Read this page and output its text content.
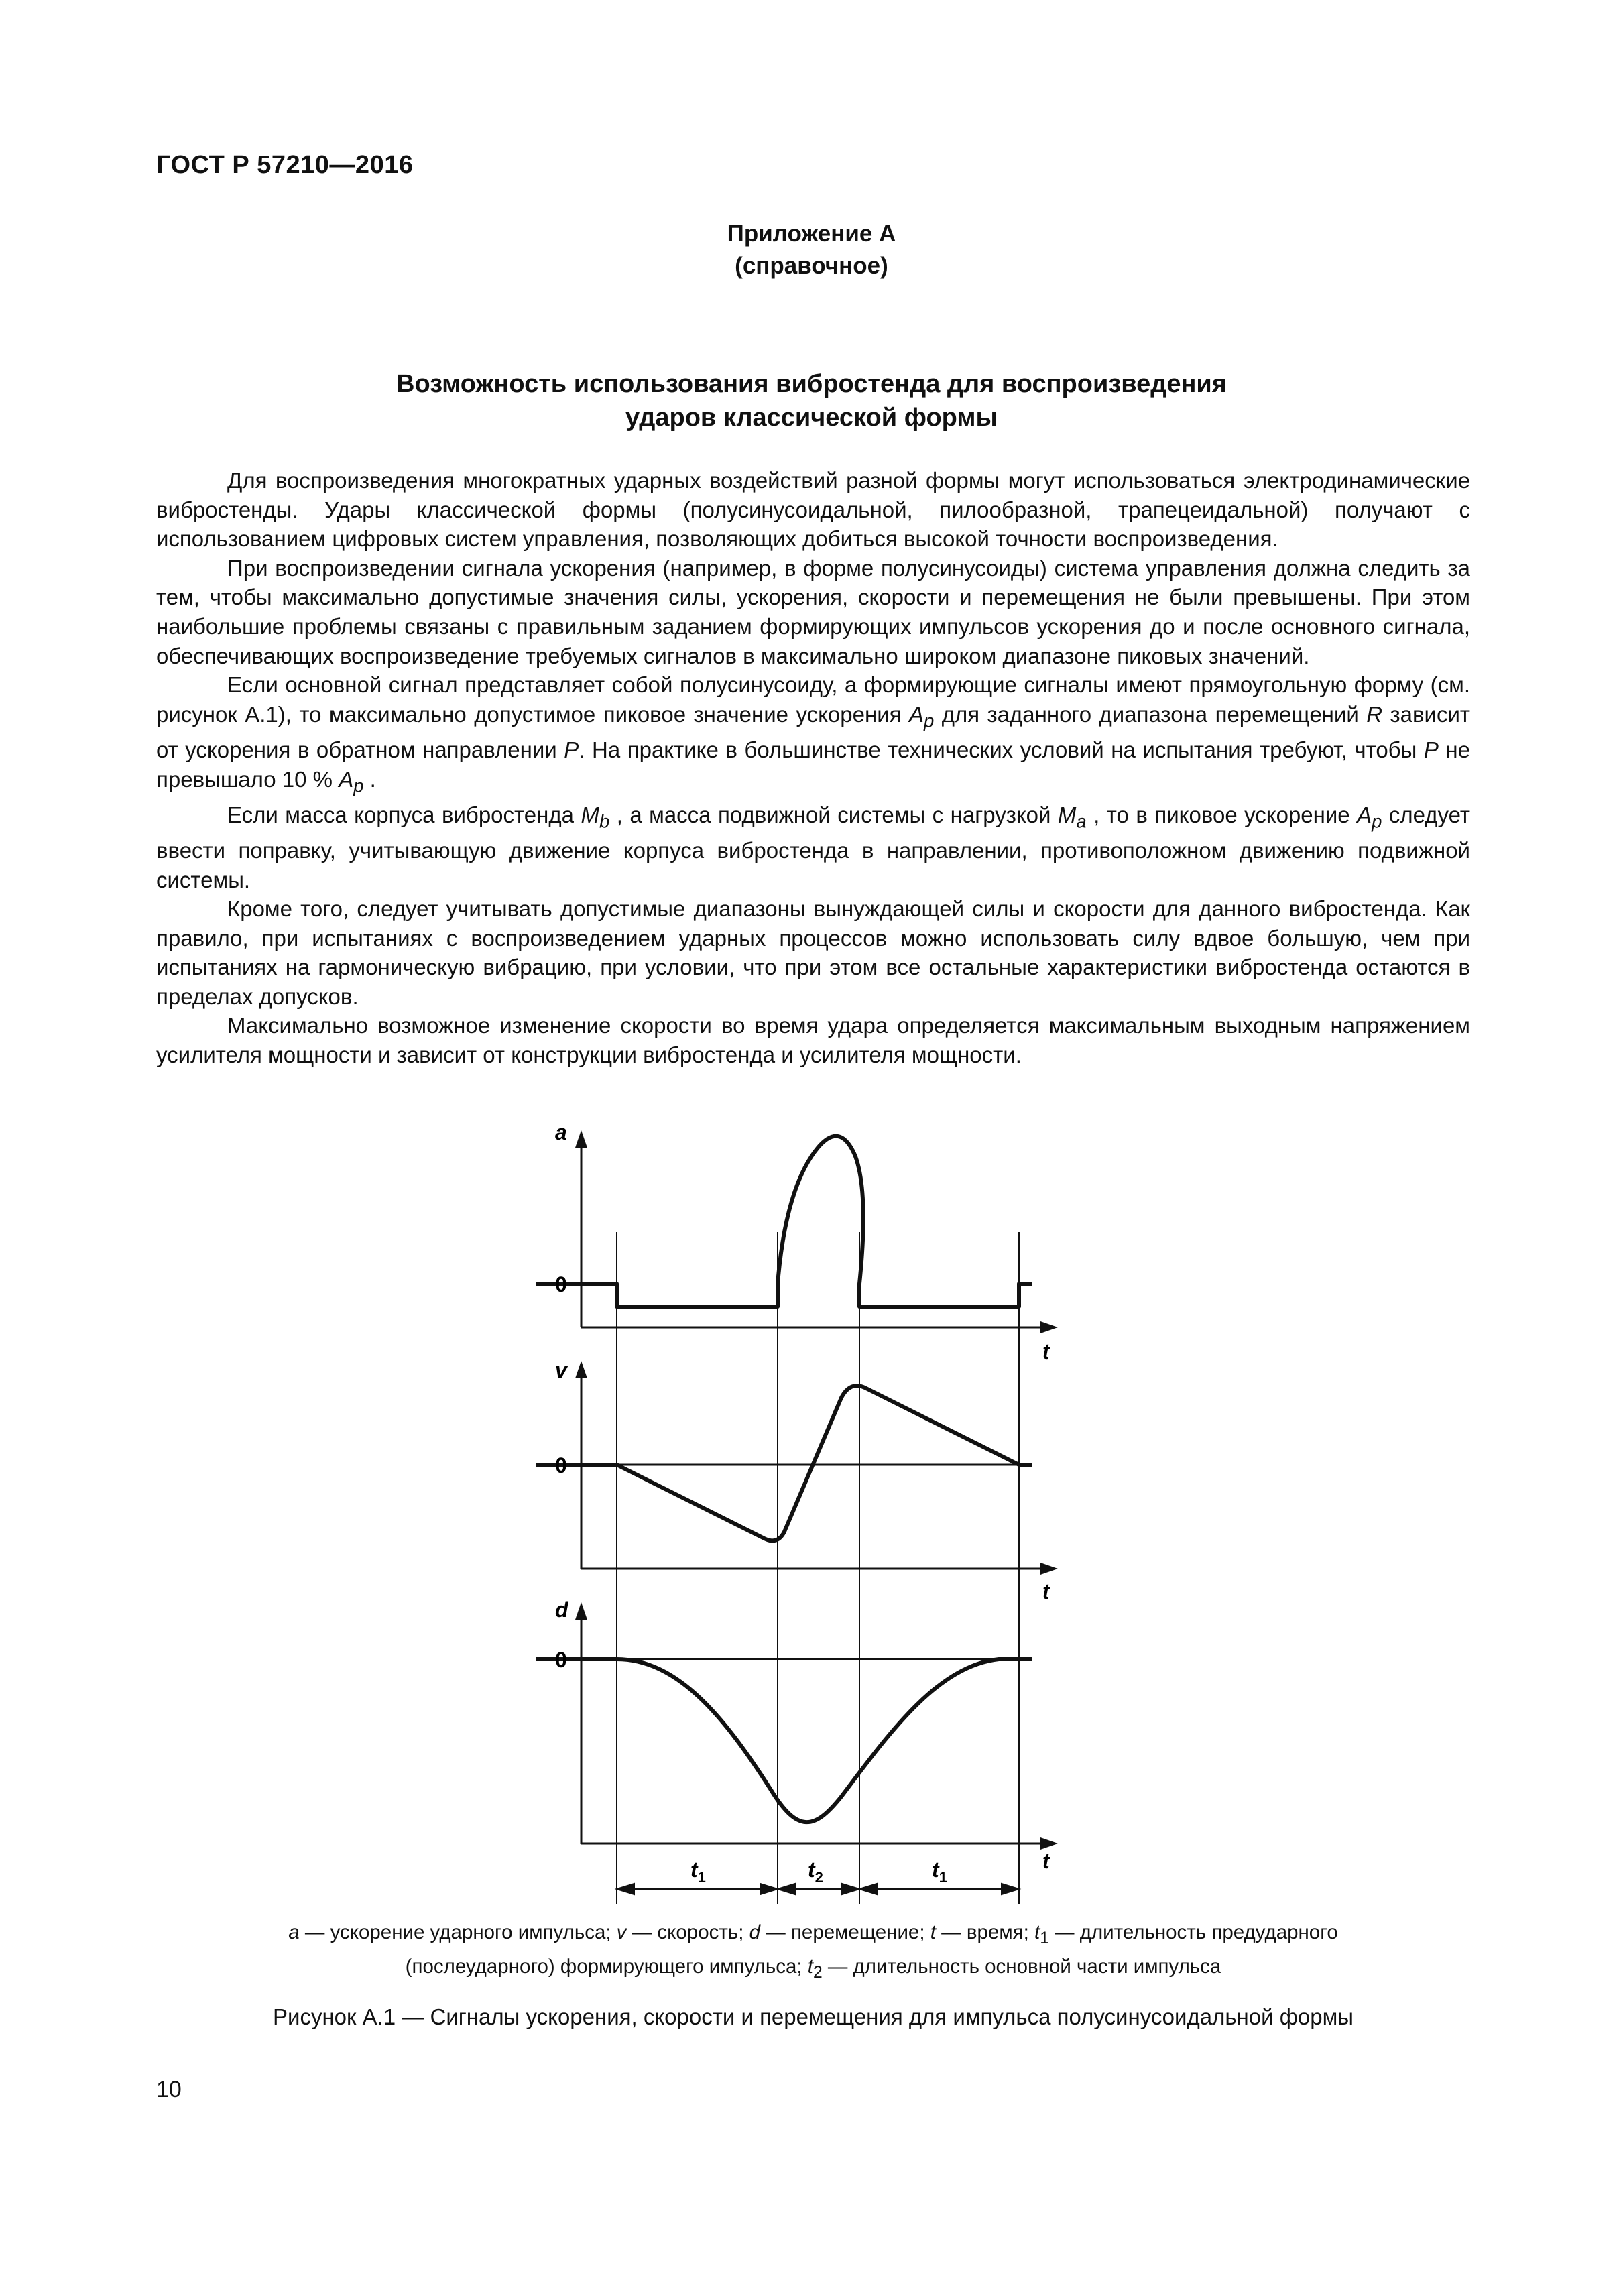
ГОСТ Р 57210—2016
Приложение А
(справочное)
Возможность использования вибростенда для воспроизведения
ударов классической формы

Для воспроизведения многократных ударных воздействий разной формы могут использоваться электродинамические вибростенды. Удары классической формы (полусинусоидальной, пилообразной, трапецеидальной) получают с использованием цифровых систем управления, позволяющих добиться высокой точности воспроизведения.

При воспроизведении сигнала ускорения (например, в форме полусинусоиды) система управления должна следить за тем, чтобы максимально допустимые значения силы, ускорения, скорости и перемещения не были превышены. При этом наибольшие проблемы связаны с правильным заданием формирующих импульсов ускорения до и после основного сигнала, обеспечивающих воспроизведение требуемых сигналов в максимально широком диапазоне пиковых значений.

Если основной сигнал представляет собой полусинусоиду, а формирующие сигналы имеют прямоугольную форму (см. рисунок А.1), то максимально допустимое пиковое значение ускорения $A_p$ для заданного диапазона перемещений R зависит от ускорения в обратном направлении P. На практике в большинстве технических условий на испытания требуют, чтобы P не превышало 10 % $A_p$ .

Если масса корпуса вибростенда $M_b$ , а масса подвижной системы с нагрузкой $M_a$ , то в пиковое ускорение $A_p$ следует ввести поправку, учитывающую движение корпуса вибростенда в направлении, противоположном движению подвижной системы.

Кроме того, следует учитывать допустимые диапазоны вынуждающей силы и скорости для данного вибростенда. Как правило, при испытаниях с воспроизведением ударных процессов можно использовать силу вдвое большую, чем при испытаниях на гармоническую вибрацию, при условии, что при этом все остальные характеристики вибростенда остаются в пределах допусков.

Максимально возможное изменение скорости во время удара определяется максимальным выходным напряжением усилителя мощности и зависит от конструкции вибростенда и усилителя мощности.

a
0
t
v
0
t
d
0
t
$t_1$	$t_2$	$t_1$
a — ускорение ударного импульса; v — скорость; d — перемещение; t — время; $t_1$ — длительность предударного
(послеударного) формирующего импульса; $t_2$ — длительность основной части импульса
Рисунок А.1 — Сигналы ускорения, скорости и перемещения для импульса полусинусоидальной формы
10
